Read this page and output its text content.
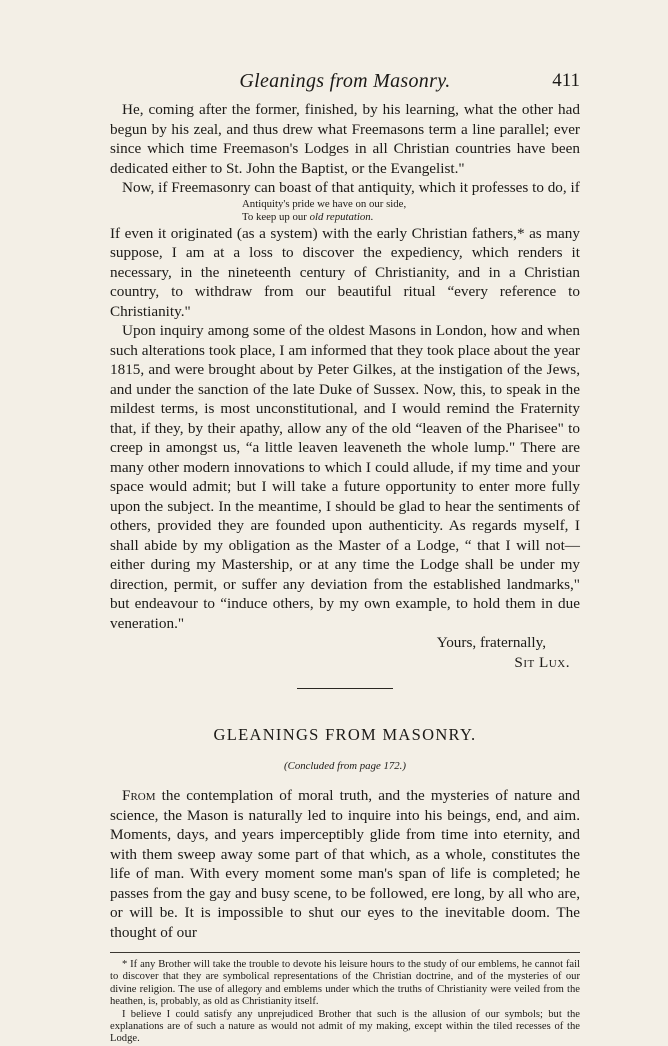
Gleanings from Masonry.	411

He, coming after the former, finished, by his learning, what the other had begun by his zeal, and thus drew what Freemasons term a line parallel; ever since which time Freemason's Lodges in all Christian countries have been dedicated either to St. John the Baptist, or the Evangelist."

Now, if Freemasonry can boast of that antiquity, which it professes to do, if

Antiquity's pride we have on our side,
To keep up our old reputation.

If even it originated (as a system) with the early Christian fathers,* as many suppose, I am at a loss to discover the expediency, which renders it necessary, in the nineteenth century of Christianity, and in a Christian country, to withdraw from our beautiful ritual “every reference to Christianity."

Upon inquiry among some of the oldest Masons in London, how and when such alterations took place, I am informed that they took place about the year 1815, and were brought about by Peter Gilkes, at the instigation of the Jews, and under the sanction of the late Duke of Sussex. Now, this, to speak in the mildest terms, is most unconstitutional, and I would remind the Fraternity that, if they, by their apathy, allow any of the old “leaven of the Pharisee" to creep in amongst us, “a little leaven leaveneth the whole lump." There are many other modern innovations to which I could allude, if my time and your space would admit; but I will take a future opportunity to enter more fully upon the subject. In the meantime, I should be glad to hear the sentiments of others, provided they are founded upon authenticity. As regards myself, I shall abide by my obligation as the Master of a Lodge, “ that I will not—either during my Mastership, or at any time the Lodge shall be under my direction, permit, or suffer any deviation from the established landmarks," but endeavour to “induce others, by my own example, to hold them in due veneration."

Yours, fraternally,

Sit Lux.

GLEANINGS FROM MASONRY.
(Concluded from page 172.)

From the contemplation of moral truth, and the mysteries of nature and science, the Mason is naturally led to inquire into his beings, end, and aim. Moments, days, and years imperceptibly glide from time into eternity, and with them sweep away some part of that which, as a whole, constitutes the life of man. With every moment some man's span of life is completed; he passes from the gay and busy scene, to be followed, ere long, by all who are, or will be. It is impossible to shut our eyes to the inevitable doom. The thought of our

* If any Brother will take the trouble to devote his leisure hours to the study of our emblems, he cannot fail to discover that they are symbolical representations of the Christian doctrine, and of the mysteries of our divine religion. The use of allegory and emblems under which the truths of Christianity were veiled from the heathen, is, probably, as old as Christianity itself.

I believe I could satisfy any unprejudiced Brother that such is the allusion of our symbols; but the explanations are of such a nature as would not admit of my making, except within the tiled recesses of the Lodge.
